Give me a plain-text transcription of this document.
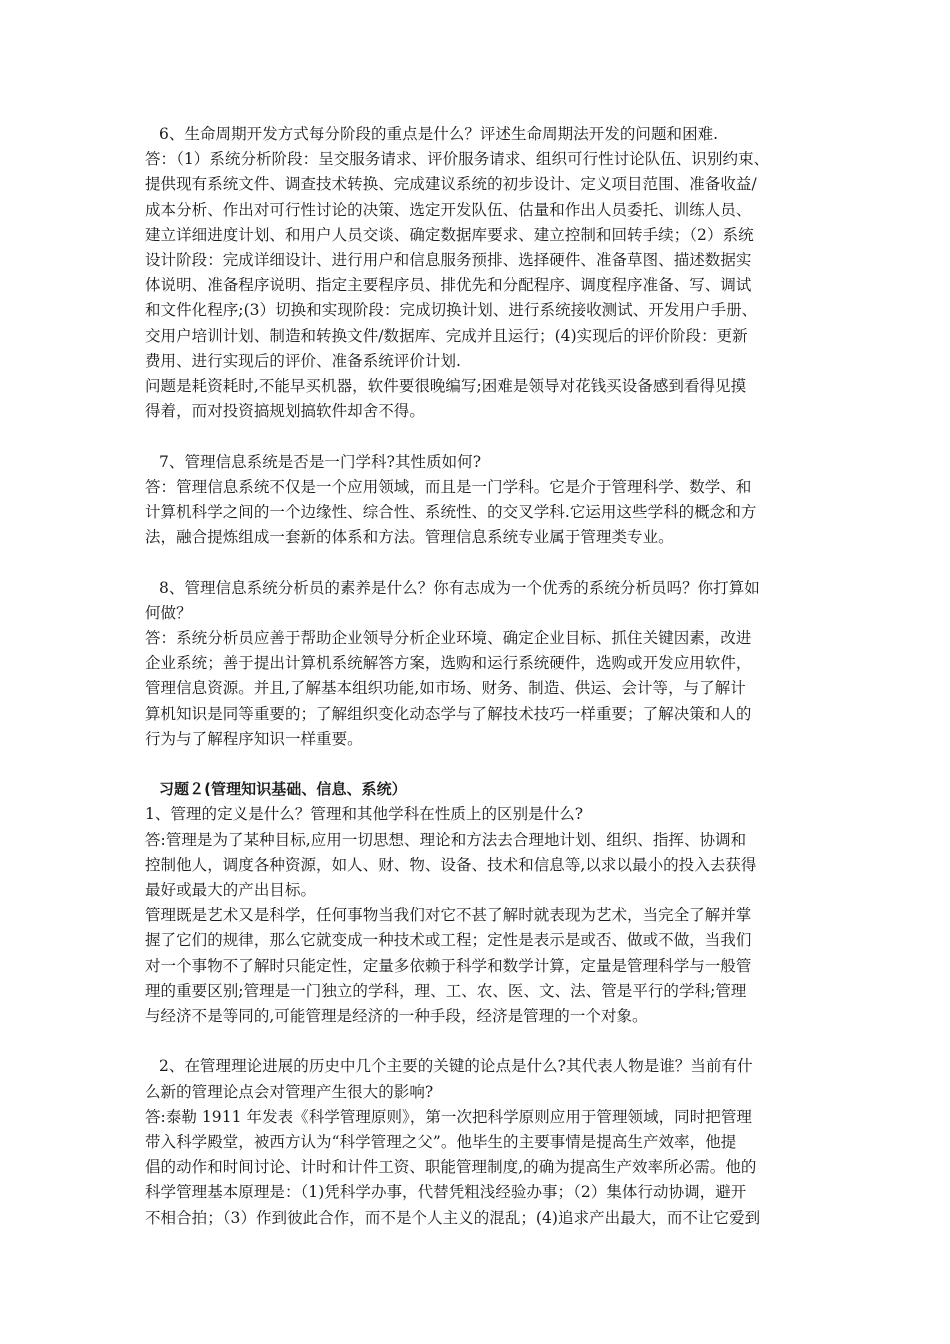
6、生命周期开发方式每分阶段的重点是什么？评述生命周期法开发的问题和困难.
答：（1）系统分析阶段：呈交服务请求、评价服务请求、组织可行性讨论队伍、识别约束、
提供现有系统文件、调查技术转换、完成建议系统的初步设计、定义项目范围、准备收益/
成本分析、作出对可行性讨论的决策、选定开发队伍、估量和作出人员委托、训练人员、
建立详细进度计划、和用户人员交谈、确定数据库要求、建立控制和回转手续；（2）系统
设计阶段：完成详细设计、进行用户和信息服务预排、选择硬件、准备草图、描述数据实
体说明、准备程序说明、指定主要程序员、排优先和分配程序、调度程序准备、写、调试
和文件化程序;(3）切换和实现阶段：完成切换计划、进行系统接收测试、开发用户手册、
交用户培训计划、制造和转换文件/数据库、完成并且运行；(4)实现后的评价阶段：更新
费用、进行实现后的评价、准备系统评价计划.
问题是耗资耗时,不能早买机器，软件要很晚编写;困难是领导对花钱买设备感到看得见摸
得着，而对投资搞规划搞软件却舍不得。
7、管理信息系统是否是一门学科?其性质如何?
答：管理信息系统不仅是一个应用领域，而且是一门学科。它是介于管理科学、数学、和
计算机科学之间的一个边缘性、综合性、系统性、的交叉学科.它运用这些学科的概念和方
法，融合提炼组成一套新的体系和方法。管理信息系统专业属于管理类专业。
8、管理信息系统分析员的素养是什么？你有志成为一个优秀的系统分析员吗？你打算如
何做？
答：系统分析员应善于帮助企业领导分析企业环境、确定企业目标、抓住关键因素，改进
企业系统；善于提出计算机系统解答方案，选购和运行系统硬件，选购或开发应用软件，
管理信息资源。并且,了解基本组织功能,如市场、财务、制造、供运、会计等，与了解计
算机知识是同等重要的；了解组织变化动态学与了解技术技巧一样重要；了解决策和人的
行为与了解程序知识一样重要。
习题２(管理知识基础、信息、系统）
1、管理的定义是什么？管理和其他学科在性质上的区别是什么?
答:管理是为了某种目标,应用一切思想、理论和方法去合理地计划、组织、指挥、协调和
控制他人，调度各种资源，如人、财、物、设备、技术和信息等,以求以最小的投入去获得
最好或最大的产出目标。
管理既是艺术又是科学，任何事物当我们对它不甚了解时就表现为艺术，当完全了解并掌
握了它们的规律，那么它就变成一种技术或工程；定性是表示是或否、做或不做，当我们
对一个事物不了解时只能定性，定量多依赖于科学和数学计算，定量是管理科学与一般管
理的重要区别;管理是一门独立的学科，理、工、农、医、文、法、管是平行的学科;管理
与经济不是等同的,可能管理是经济的一种手段，经济是管理的一个对象。
2、在管理理论进展的历史中几个主要的关键的论点是什么?其代表人物是谁？当前有什
么新的管理论点会对管理产生很大的影响?
答:泰勒 1911 年发表《科学管理原则》，第一次把科学原则应用于管理领域，同时把管理
带入科学殿堂，被西方认为“科学管理之父”。他毕生的主要事情是提高生产效率，他提
倡的动作和时间讨论、计时和计件工资、职能管理制度,的确为提高生产效率所必需。他的
科学管理基本原理是：（1)凭科学办事，代替凭粗浅经验办事；（2）集体行动协调，避开
不相合拍；（3）作到彼此合作，而不是个人主义的混乱；(4)追求产出最大，而不让它爱到
